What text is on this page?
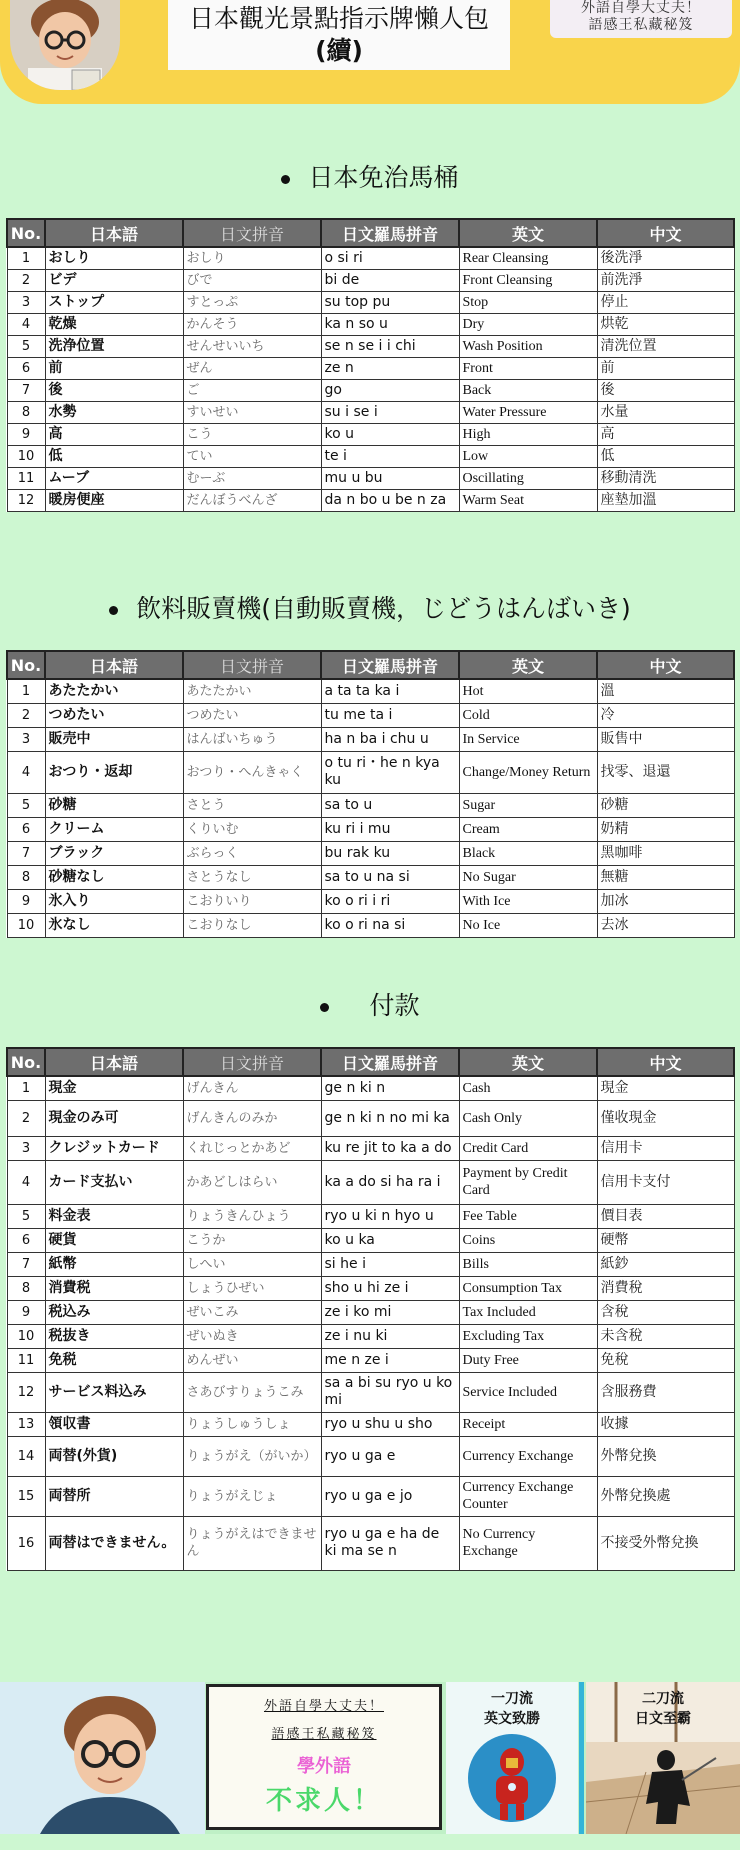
日本觀光景點指示牌懶人包
(續)
外語自學大丈夫！
語感王私藏秘笈
日本免治馬桶
No.	日本語	日文拼音	日文羅馬拼音	英文	中文
1	おしり	おしり	o si ri	Rear Cleansing	後洗淨
2	ビデ	びで	bi de	Front Cleansing	前洗淨
3	ストップ	すとっぷ	su top pu	Stop	停止
4	乾燥	かんそう	ka n so u	Dry	烘乾
5	洗浄位置	せんせいいち	se n se i i chi	Wash Position	清洗位置
6	前	ぜん	ze n	Front	前
7	後	ご	go	Back	後
8	水勢	すいせい	su i se i	Water Pressure	水量
9	高	こう	ko u	High	高
10	低	てい	te i	Low	低
11	ムーブ	むーぶ	mu u bu	Oscillating	移動清洗
12	暖房便座	だんぼうべんざ	da n bo u be n za	Warm Seat	座墊加溫
飲料販賣機(自動販賣機，じどうはんばいき)
No.	日本語	日文拼音	日文羅馬拼音	英文	中文
1	あたたかい	あたたかい	a ta ta ka i	Hot	溫
2	つめたい	つめたい	tu me ta i	Cold	冷
3	販売中	はんばいちゅう	ha n ba i chu u	In Service	販售中
4	おつり・返却	おつり・へんきゃく	o tu ri・he n kya ku	Change/Money Return	找零、退還
5	砂糖	さとう	sa to u	Sugar	砂糖
6	クリーム	くりいむ	ku ri i mu	Cream	奶精
7	ブラック	ぶらっく	bu rak ku	Black	黑咖啡
8	砂糖なし	さとうなし	sa to u na si	No Sugar	無糖
9	氷入り	こおりいり	ko o ri i ri	With Ice	加冰
10	氷なし	こおりなし	ko o ri na si	No Ice	去冰
付款
No.	日本語	日文拼音	日文羅馬拼音	英文	中文
1	現金	げんきん	ge n ki n	Cash	現金
2	現金のみ可	げんきんのみか	ge n ki n no mi ka	Cash Only	僅收現金
3	クレジットカード	くれじっとかあど	ku re jit to ka a do	Credit Card	信用卡
4	カード支払い	かあどしはらい	ka a do si ha ra i	Payment by Credit Card	信用卡支付
5	料金表	りょうきんひょう	ryo u ki n hyo u	Fee Table	價目表
6	硬貨	こうか	ko u ka	Coins	硬幣
7	紙幣	しへい	si he i	Bills	紙鈔
8	消費税	しょうひぜい	sho u hi ze i	Consumption Tax	消費稅
9	税込み	ぜいこみ	ze i ko mi	Tax Included	含稅
10	税抜き	ぜいぬき	ze i nu ki	Excluding Tax	未含稅
11	免税	めんぜい	me n ze i	Duty Free	免稅
12	サービス料込み	さあびすりょうこみ	sa a bi su ryo u ko mi	Service Included	含服務費
13	領収書	りょうしゅうしょ	ryo u shu u sho	Receipt	收據
14	両替(外貨)	りょうがえ（がいか）	ryo u ga e	Currency Exchange	外幣兌換
15	両替所	りょうがえじょ	ryo u ga e jo	Currency Exchange Counter	外幣兌換處
16	両替はできません。	りょうがえはできません	ryo u ga e ha de ki ma se n	No Currency Exchange	不接受外幣兌換
外語自學大丈夫！
語感王私藏秘笈
學外語
不求人！
一刀流
英文致勝
二刀流
日文至霸
